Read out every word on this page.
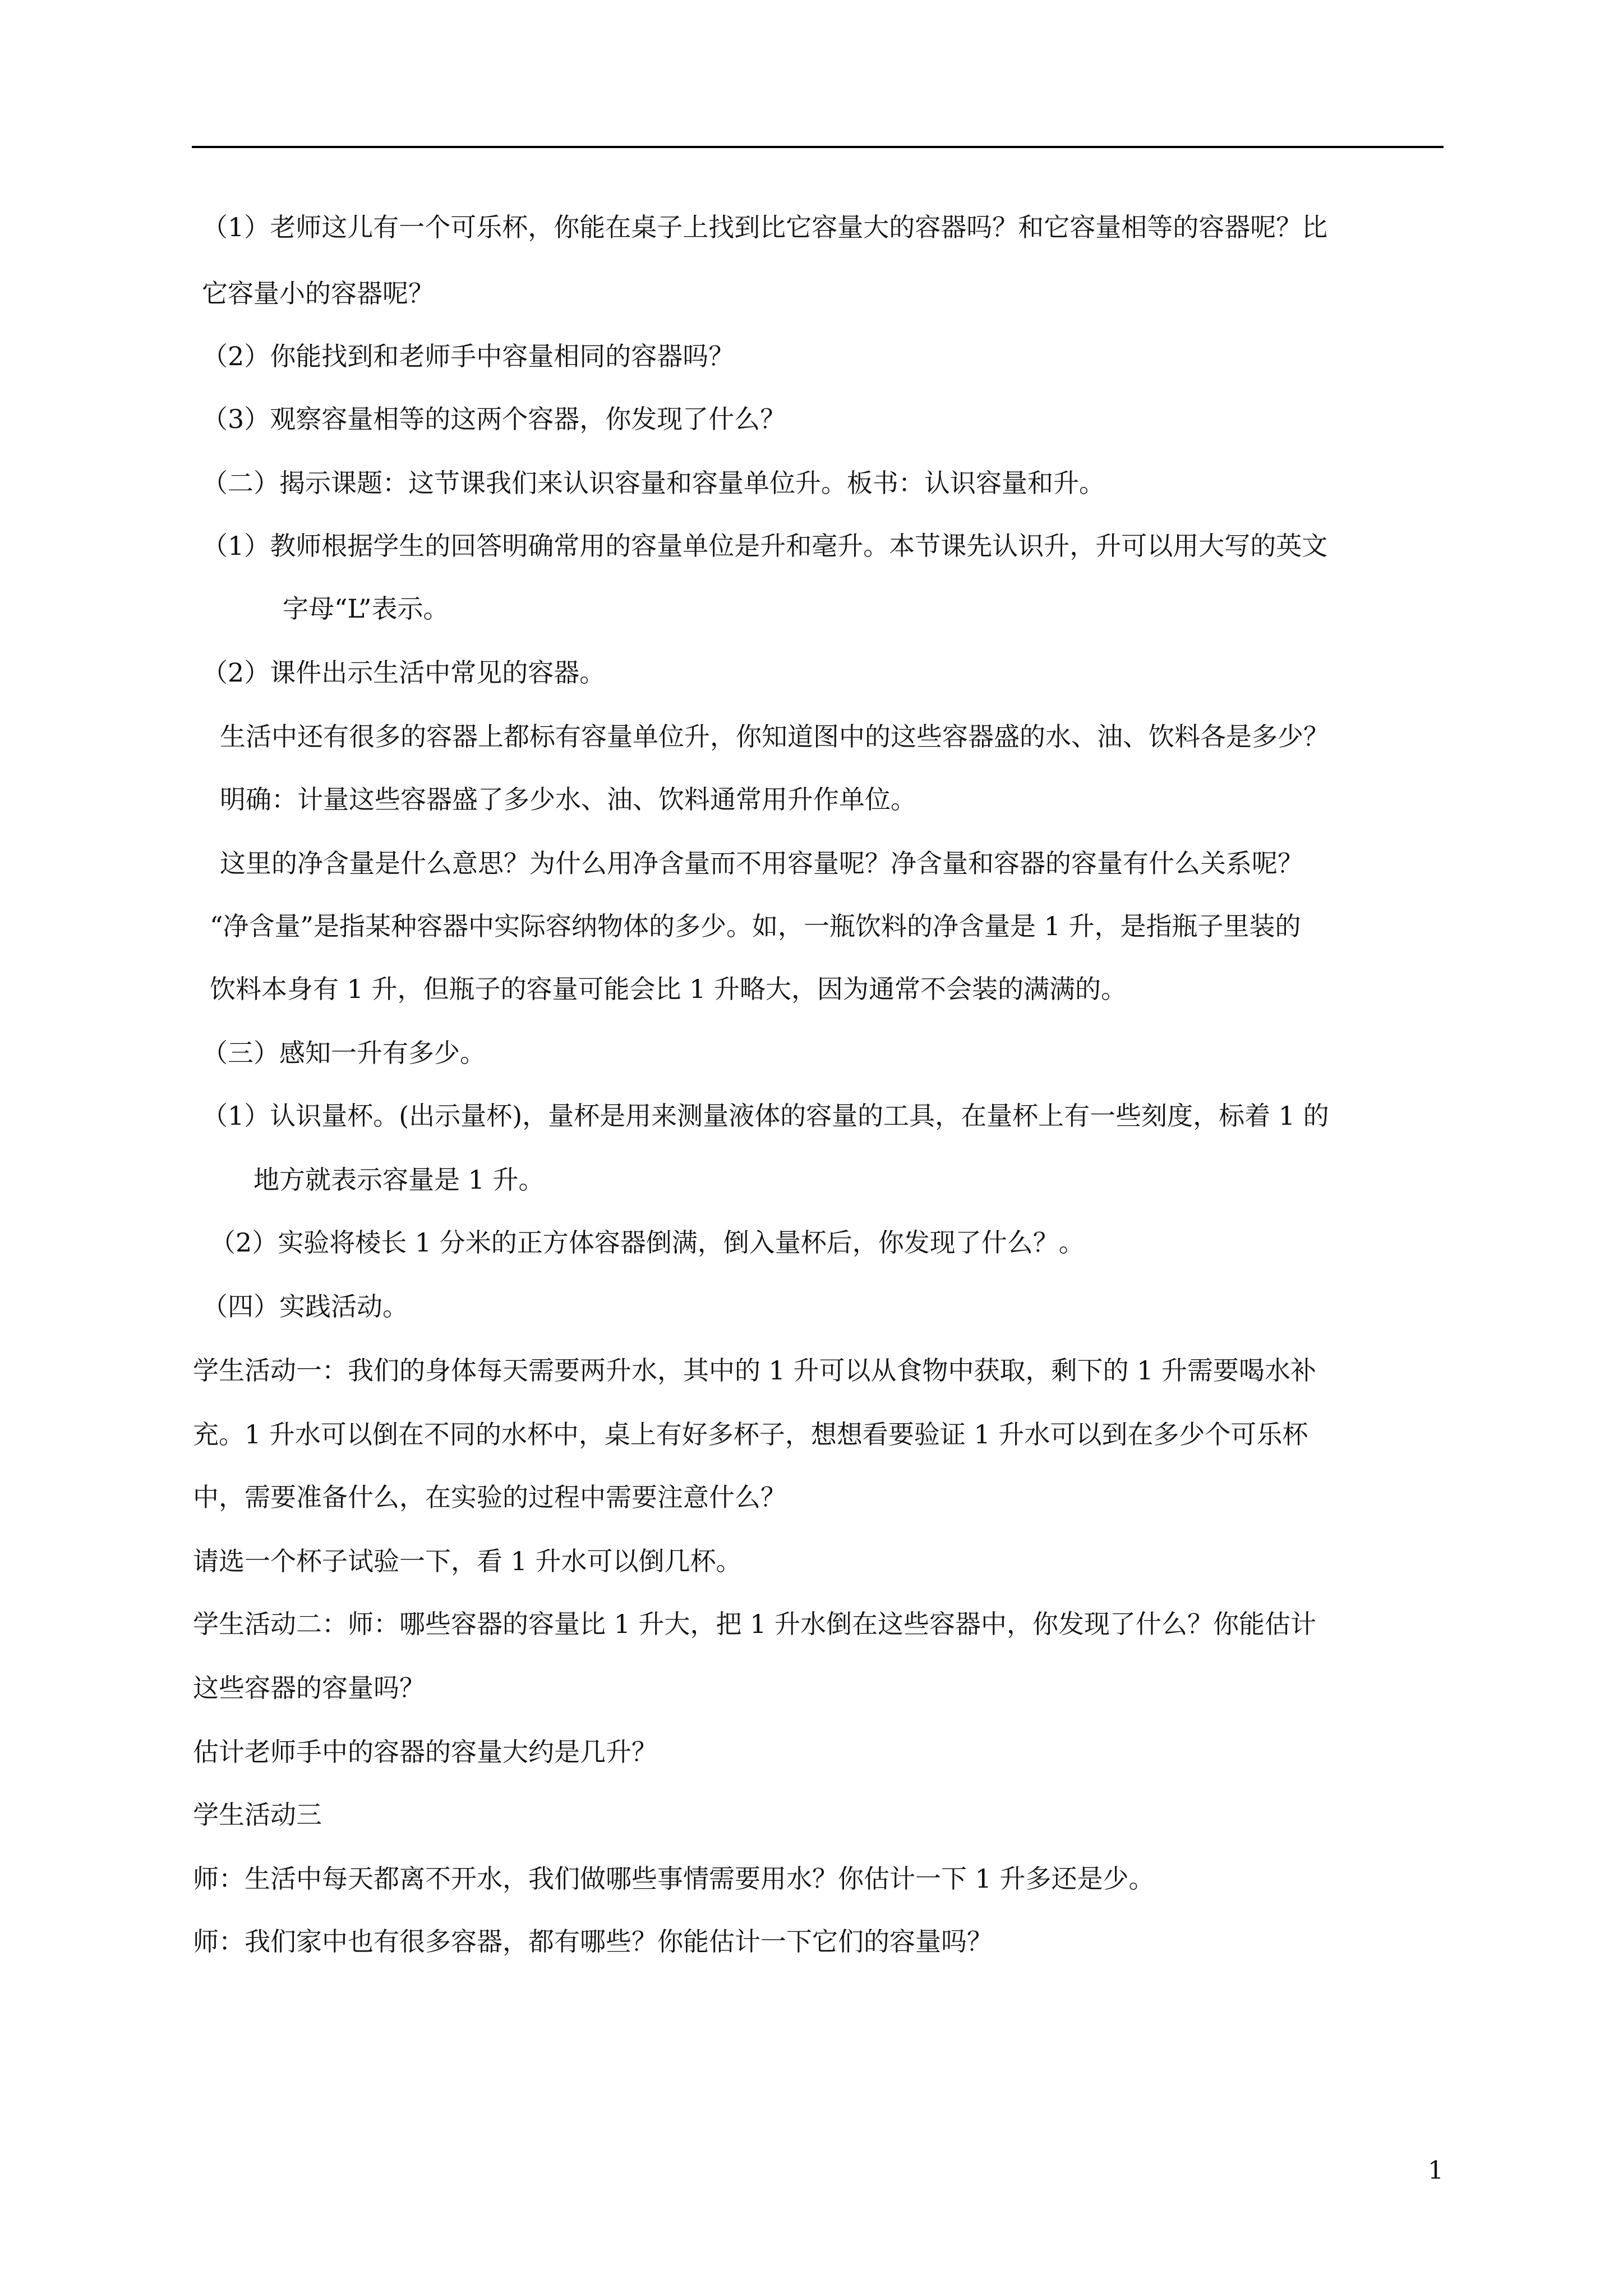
（1）老师这儿有一个可乐杯，你能在桌子上找到比它容量大的容器吗？和它容量相等的容器呢？比
它容量小的容器呢？
（2）你能找到和老师手中容量相同的容器吗？
（3）观察容量相等的这两个容器，你发现了什么？
（二）揭示课题：这节课我们来认识容量和容量单位升。板书：认识容量和升。
（1）教师根据学生的回答明确常用的容量单位是升和毫升。本节课先认识升，升可以用大写的英文
字母“L”表示。
（2）课件出示生活中常见的容器。
生活中还有很多的容器上都标有容量单位升，你知道图中的这些容器盛的水、油、饮料各是多少？
明确：计量这些容器盛了多少水、油、饮料通常用升作单位。
这里的净含量是什么意思？为什么用净含量而不用容量呢？净含量和容器的容量有什么关系呢？
“净含量”是指某种容器中实际容纳物体的多少。如，一瓶饮料的净含量是 1 升，是指瓶子里装的
饮料本身有 1 升，但瓶子的容量可能会比 1 升略大，因为通常不会装的满满的。
（三）感知一升有多少。
（1）认识量杯。(出示量杯)，量杯是用来测量液体的容量的工具，在量杯上有一些刻度，标着 1 的
地方就表示容量是 1 升。
（2）实验将棱长 1 分米的正方体容器倒满，倒入量杯后，你发现了什么？。
（四）实践活动。
学生活动一：我们的身体每天需要两升水，其中的 1 升可以从食物中获取，剩下的 1 升需要喝水补
充。1 升水可以倒在不同的水杯中，桌上有好多杯子，想想看要验证 1 升水可以到在多少个可乐杯
中，需要准备什么，在实验的过程中需要注意什么？
请选一个杯子试验一下，看 1 升水可以倒几杯。
学生活动二：师：哪些容器的容量比 1 升大，把 1 升水倒在这些容器中，你发现了什么？你能估计
这些容器的容量吗？
估计老师手中的容器的容量大约是几升？
学生活动三
师：生活中每天都离不开水，我们做哪些事情需要用水？你估计一下 1 升多还是少。
师：我们家中也有很多容器，都有哪些？你能估计一下它们的容量吗？
1
